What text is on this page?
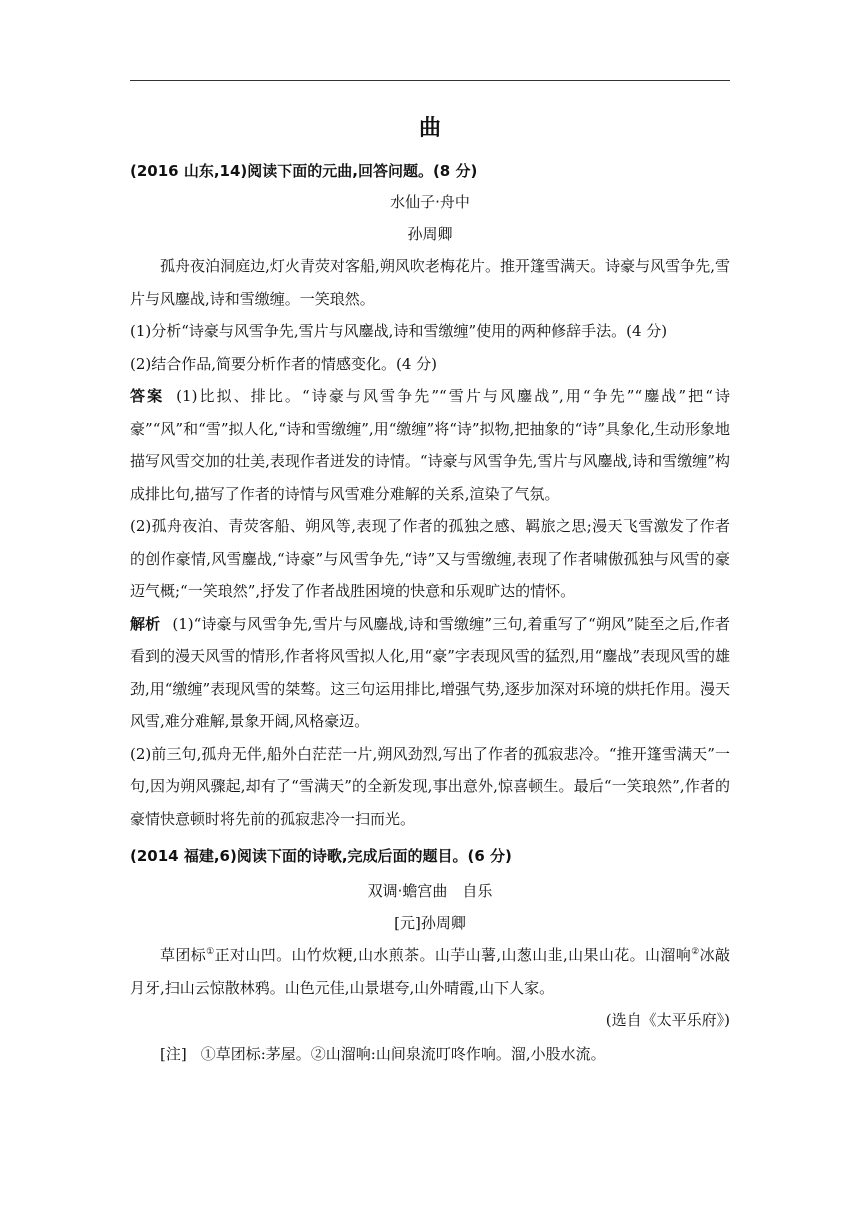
曲

(2016 山东,14)阅读下面的元曲,回答问题。(8 分)

水仙子·舟中

孙周卿

孤舟夜泊洞庭边,灯火青荧对客船,朔风吹老梅花片。推开篷雪满天。诗豪与风雪争先,雪片与风鏖战,诗和雪缴缠。一笑琅然。

(1)分析“诗豪与风雪争先,雪片与风鏖战,诗和雪缴缠”使用的两种修辞手法。(4 分)

(2)结合作品,简要分析作者的情感变化。(4 分)

答案 (1)比拟、排比。“诗豪与风雪争先”“雪片与风鏖战”,用“争先”“鏖战”把“诗豪”“风”和“雪”拟人化,“诗和雪缴缠”,用“缴缠”将“诗”拟物,把抽象的“诗”具象化,生动形象地描写风雪交加的壮美,表现作者迸发的诗情。“诗豪与风雪争先,雪片与风鏖战,诗和雪缴缠”构成排比句,描写了作者的诗情与风雪难分难解的关系,渲染了气氛。

(2)孤舟夜泊、青荧客船、朔风等,表现了作者的孤独之感、羁旅之思;漫天飞雪激发了作者的创作豪情,风雪鏖战,“诗豪”与风雪争先,“诗”又与雪缴缠,表现了作者啸傲孤独与风雪的豪迈气概;“一笑琅然”,抒发了作者战胜困境的快意和乐观旷达的情怀。

解析 (1)“诗豪与风雪争先,雪片与风鏖战,诗和雪缴缠”三句,着重写了“朔风”陡至之后,作者看到的漫天风雪的情形,作者将风雪拟人化,用“豪”字表现风雪的猛烈,用“鏖战”表现风雪的雄劲,用“缴缠”表现风雪的桀骜。这三句运用排比,增强气势,逐步加深对环境的烘托作用。漫天风雪,难分难解,景象开阔,风格豪迈。

(2)前三句,孤舟无伴,船外白茫茫一片,朔风劲烈,写出了作者的孤寂悲冷。“推开篷雪满天”一句,因为朔风骤起,却有了“雪满天”的全新发现,事出意外,惊喜顿生。最后“一笑琅然”,作者的豪情快意顿时将先前的孤寂悲冷一扫而光。

(2014 福建,6)阅读下面的诗歌,完成后面的题目。(6 分)

双调·蟾宫曲　自乐

[元]孙周卿

草团标①正对山凹。山竹炊粳,山水煎茶。山芋山薯,山葱山韭,山果山花。山溜响②冰敲月牙,扫山云惊散林鸦。山色元佳,山景堪夸,山外晴霞,山下人家。

(选自《太平乐府》)

[注] ①草团标:茅屋。②山溜响:山间泉流叮咚作响。溜,小股水流。
